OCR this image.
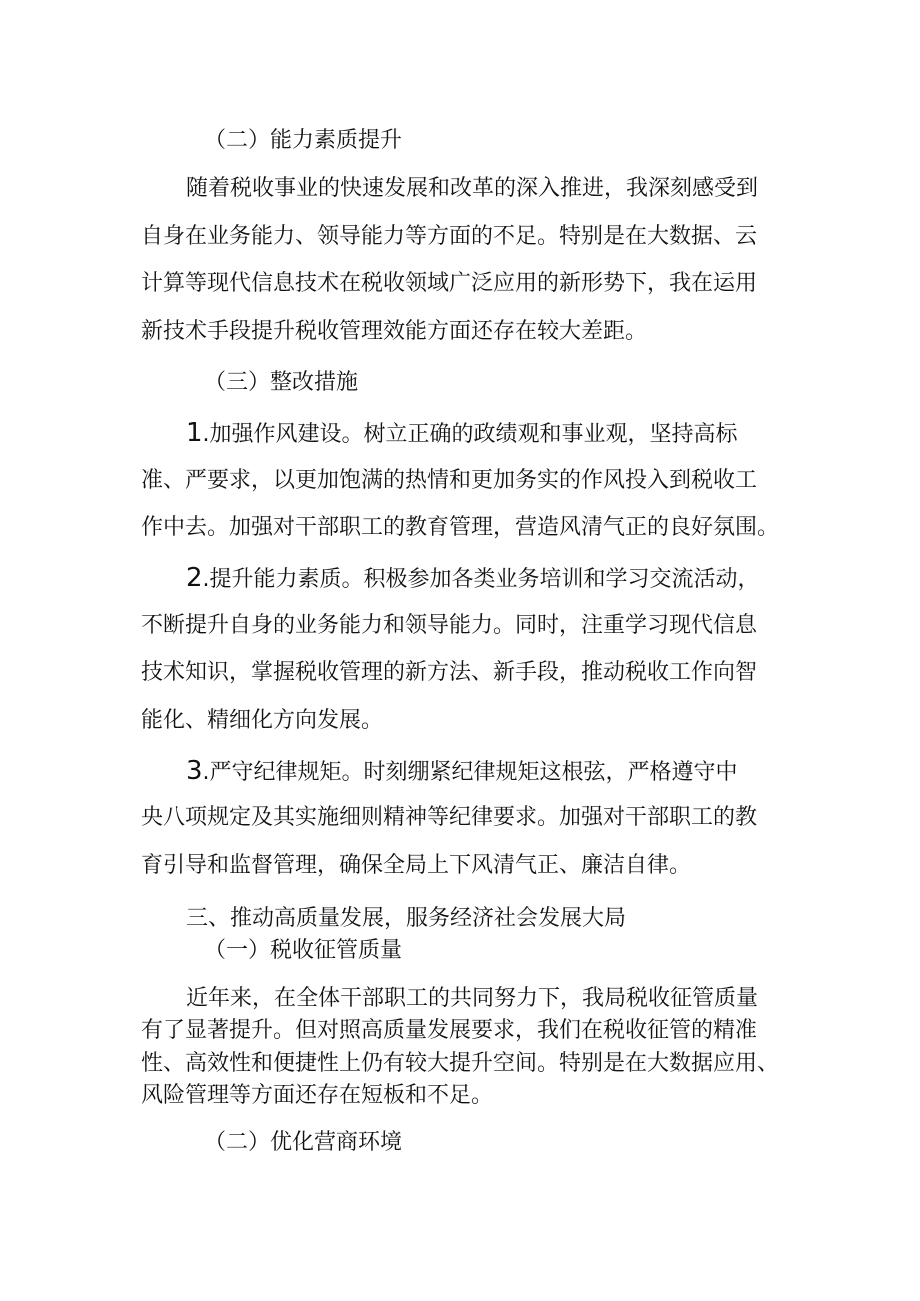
（二）能力素质提升
随着税收事业的快速发展和改革的深入推进，我深刻感受到
自身在业务能力、领导能力等方面的不足。特别是在大数据、云
计算等现代信息技术在税收领域广泛应用的新形势下，我在运用
新技术手段提升税收管理效能方面还存在较大差距。
（三）整改措施
1.加强作风建设。树立正确的政绩观和事业观，坚持高标
准、严要求，以更加饱满的热情和更加务实的作风投入到税收工
作中去。加强对干部职工的教育管理，营造风清气正的良好氛围。
2.提升能力素质。积极参加各类业务培训和学习交流活动，
不断提升自身的业务能力和领导能力。同时，注重学习现代信息
技术知识，掌握税收管理的新方法、新手段，推动税收工作向智
能化、精细化方向发展。
3.严守纪律规矩。时刻绷紧纪律规矩这根弦，严格遵守中
央八项规定及其实施细则精神等纪律要求。加强对干部职工的教
育引导和监督管理，确保全局上下风清气正、廉洁自律。
三、推动高质量发展，服务经济社会发展大局
（一）税收征管质量
近年来，在全体干部职工的共同努力下，我局税收征管质量
有了显著提升。但对照高质量发展要求，我们在税收征管的精准
性、高效性和便捷性上仍有较大提升空间。特别是在大数据应用、
风险管理等方面还存在短板和不足。
（二）优化营商环境
